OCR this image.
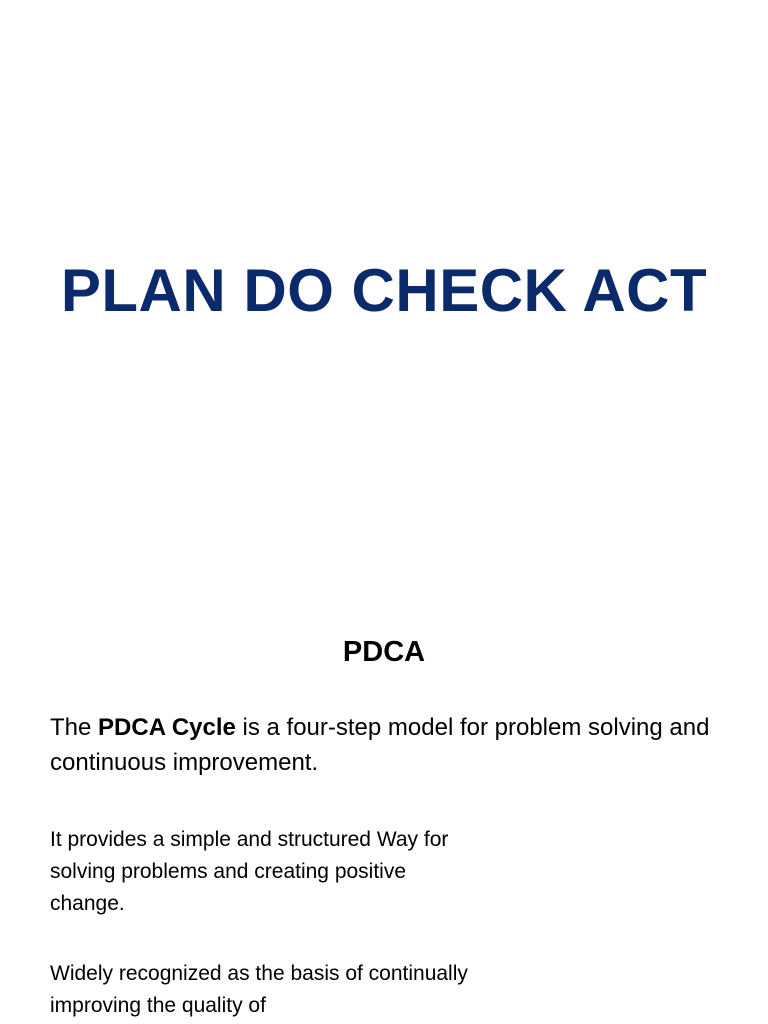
PLAN DO CHECK ACT
PDCA
The PDCA Cycle is a four-step model for problem solving and continuous improvement.
It provides a simple and structured Way for solving problems and creating positive change.
Widely recognized as the basis of continually improving the quality of
